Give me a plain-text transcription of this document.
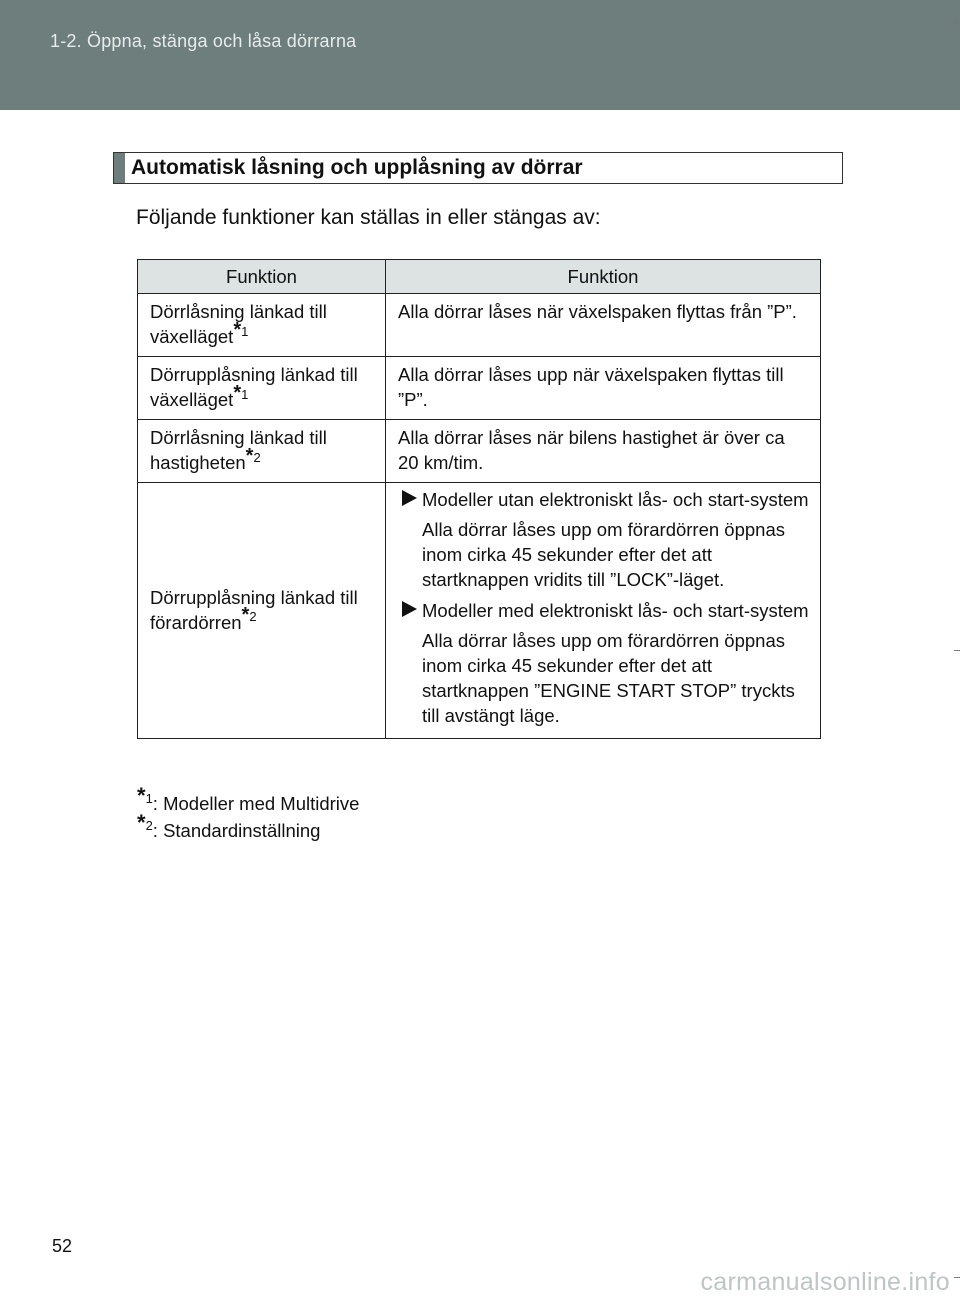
1-2. Öppna, stänga och låsa dörrarna
Automatisk låsning och upplåsning av dörrar
Följande funktioner kan ställas in eller stängas av:
Funktion	Funktion
Dörrlåsning länkad till växelläget$^{*1}$	Alla dörrar låses när växelspaken flyttas från ”P”.
Dörrupplåsning länkad till växelläget$^{*1}$	Alla dörrar låses upp när växelspaken flyttas till ”P”.
Dörrlåsning länkad till hastigheten$^{*2}$	Alla dörrar låses när bilens hastighet är över ca 20 km/tim.
Dörrupplåsning länkad till förardörren$^{*2}$	Modeller utan elektroniskt lås- och start-system
Alla dörrar låses upp om förardörren öppnas inom cirka 45 sekunder efter det att startknappen vridits till ”LOCK”-läget.
Modeller med elektroniskt lås- och start-system
Alla dörrar låses upp om förardörren öppnas inom cirka 45 sekunder efter det att startknappen ”ENGINE START STOP” tryckts till avstängt läge.
$^{*1}$: Modeller med Multidrive
$^{*2}$: Standardinställning
52
carmanualsonline.info
